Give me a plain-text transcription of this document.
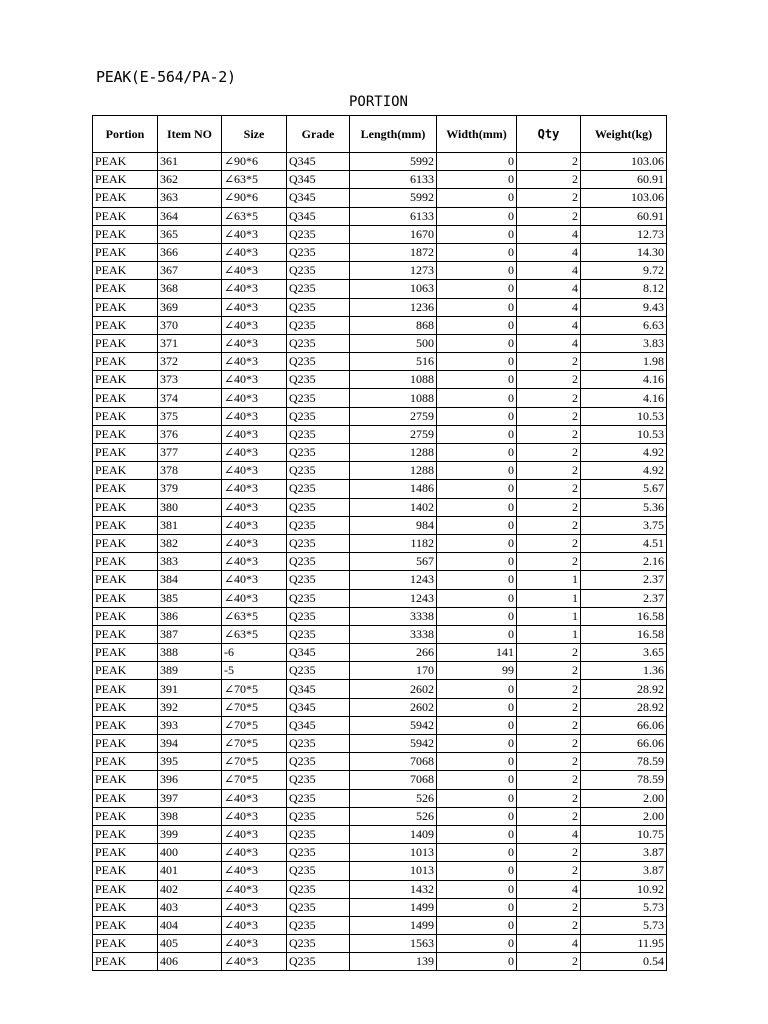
PEAK(E-564/PA-2)
PORTION
Portion	Item NO	Size	Grade	Length(mm)	Width(mm)	Qty	Weight(kg)
PEAK	361	∠90*6	Q345	5992	0	2	103.06
PEAK	362	∠63*5	Q345	6133	0	2	60.91
PEAK	363	∠90*6	Q345	5992	0	2	103.06
PEAK	364	∠63*5	Q345	6133	0	2	60.91
PEAK	365	∠40*3	Q235	1670	0	4	12.73
PEAK	366	∠40*3	Q235	1872	0	4	14.30
PEAK	367	∠40*3	Q235	1273	0	4	9.72
PEAK	368	∠40*3	Q235	1063	0	4	8.12
PEAK	369	∠40*3	Q235	1236	0	4	9.43
PEAK	370	∠40*3	Q235	868	0	4	6.63
PEAK	371	∠40*3	Q235	500	0	4	3.83
PEAK	372	∠40*3	Q235	516	0	2	1.98
PEAK	373	∠40*3	Q235	1088	0	2	4.16
PEAK	374	∠40*3	Q235	1088	0	2	4.16
PEAK	375	∠40*3	Q235	2759	0	2	10.53
PEAK	376	∠40*3	Q235	2759	0	2	10.53
PEAK	377	∠40*3	Q235	1288	0	2	4.92
PEAK	378	∠40*3	Q235	1288	0	2	4.92
PEAK	379	∠40*3	Q235	1486	0	2	5.67
PEAK	380	∠40*3	Q235	1402	0	2	5.36
PEAK	381	∠40*3	Q235	984	0	2	3.75
PEAK	382	∠40*3	Q235	1182	0	2	4.51
PEAK	383	∠40*3	Q235	567	0	2	2.16
PEAK	384	∠40*3	Q235	1243	0	1	2.37
PEAK	385	∠40*3	Q235	1243	0	1	2.37
PEAK	386	∠63*5	Q235	3338	0	1	16.58
PEAK	387	∠63*5	Q235	3338	0	1	16.58
PEAK	388	-6	Q345	266	141	2	3.65
PEAK	389	-5	Q235	170	99	2	1.36
PEAK	391	∠70*5	Q345	2602	0	2	28.92
PEAK	392	∠70*5	Q345	2602	0	2	28.92
PEAK	393	∠70*5	Q345	5942	0	2	66.06
PEAK	394	∠70*5	Q235	5942	0	2	66.06
PEAK	395	∠70*5	Q235	7068	0	2	78.59
PEAK	396	∠70*5	Q235	7068	0	2	78.59
PEAK	397	∠40*3	Q235	526	0	2	2.00
PEAK	398	∠40*3	Q235	526	0	2	2.00
PEAK	399	∠40*3	Q235	1409	0	4	10.75
PEAK	400	∠40*3	Q235	1013	0	2	3.87
PEAK	401	∠40*3	Q235	1013	0	2	3.87
PEAK	402	∠40*3	Q235	1432	0	4	10.92
PEAK	403	∠40*3	Q235	1499	0	2	5.73
PEAK	404	∠40*3	Q235	1499	0	2	5.73
PEAK	405	∠40*3	Q235	1563	0	4	11.95
PEAK	406	∠40*3	Q235	139	0	2	0.54
